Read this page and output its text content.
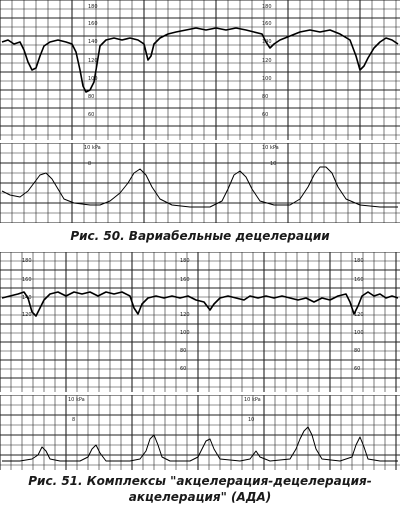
180
160
140
120
100
80
60
180
160
140
120
100
80
60
10 kPa	10 kPa
8	10
Рис. 50. Вариабельные децелерации
180
160
140
120
180
160
120
100
80
60
180
160
120
100
80
60
10 kPa	10 kPa
8	10
Рис. 51. Комплексы "акцелерация-децелерация-
акцелерация" (АДА)
